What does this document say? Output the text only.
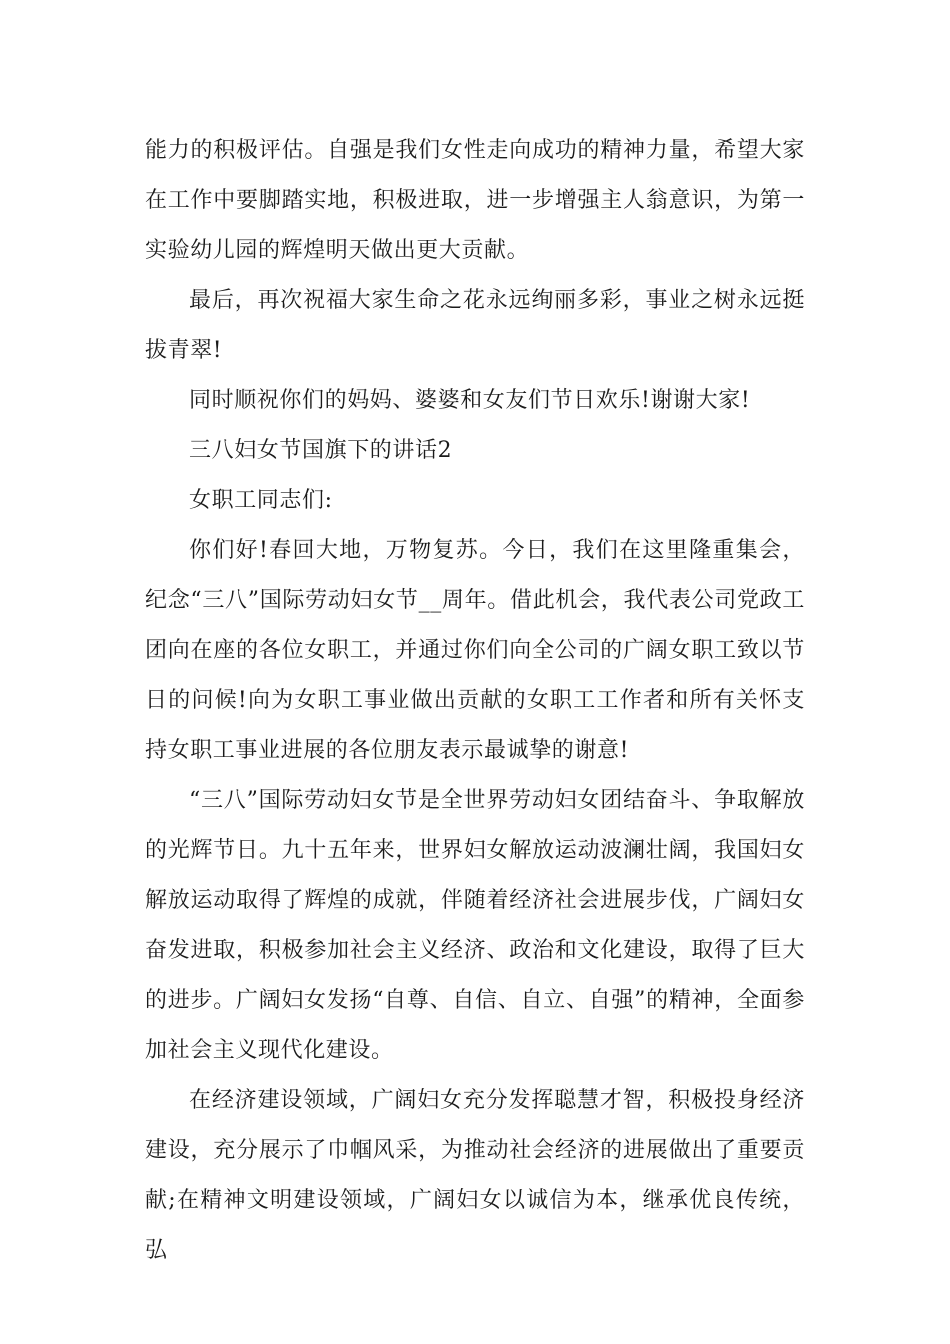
能力的积极评估。自强是我们女性走向成功的精神力量，希望大家在工作中要脚踏实地，积极进取，进一步增强主人翁意识，为第一实验幼儿园的辉煌明天做出更大贡献。

最后，再次祝福大家生命之花永远绚丽多彩，事业之树永远挺拔青翠!

同时顺祝你们的妈妈、婆婆和女友们节日欢乐!谢谢大家!

三八妇女节国旗下的讲话2

女职工同志们:

你们好!春回大地，万物复苏。今日，我们在这里隆重集会，纪念“三八”国际劳动妇女节__周年。借此机会，我代表公司党政工团向在座的各位女职工，并通过你们向全公司的广阔女职工致以节日的问候!向为女职工事业做出贡献的女职工工作者和所有关怀支持女职工事业进展的各位朋友表示最诚挚的谢意!

“三八”国际劳动妇女节是全世界劳动妇女团结奋斗、争取解放的光辉节日。九十五年来，世界妇女解放运动波澜壮阔，我国妇女解放运动取得了辉煌的成就，伴随着经济社会进展步伐，广阔妇女奋发进取，积极参加社会主义经济、政治和文化建设，取得了巨大的进步。广阔妇女发扬“自尊、自信、自立、自强”的精神，全面参加社会主义现代化建设。

在经济建设领域，广阔妇女充分发挥聪慧才智，积极投身经济建设，充分展示了巾帼风采，为推动社会经济的进展做出了重要贡献;在精神文明建设领域，广阔妇女以诚信为本，继承优良传统，弘
